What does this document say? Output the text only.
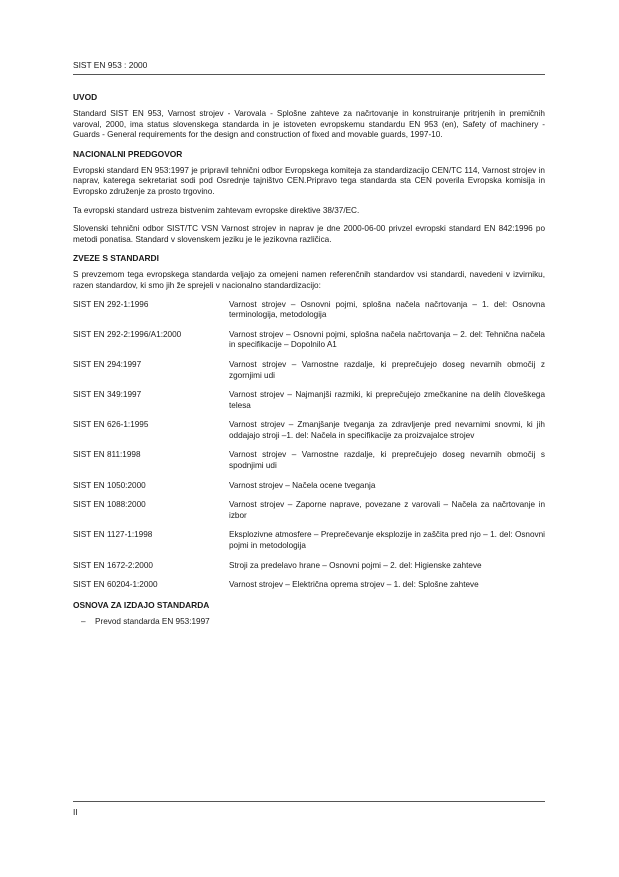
SIST EN 953 : 2000
UVOD

Standard SIST EN 953, Varnost strojev - Varovala - Splošne zahteve za načrtovanje in konstruiranje pritrjenih in premičnih varoval, 2000, ima status slovenskega standarda in je istoveten evropskemu standardu EN 953 (en), Safety of machinery - Guards - General requirements for the design and construction of fixed and movable guards, 1997-10.

NACIONALNI PREDGOVOR

Evropski standard EN 953:1997 je pripravil tehnični odbor Evropskega komiteja za standardizacijo CEN/TC 114, Varnost strojev in naprav, katerega sekretariat sodi pod Osrednje tajništvo CEN.Pripravo tega standarda sta CEN poverila Evropska komisija in Evropsko združenje za prosto trgovino.

Ta evropski standard ustreza bistvenim zahtevam evropske direktive 38/37/EC.

Slovenski tehnični odbor SIST/TC VSN Varnost strojev in naprav je dne 2000-06-00 privzel evropski standard EN 842:1996 po metodi ponatisa. Standard v slovenskem jeziku je le jezikovna različica.

ZVEZE S STANDARDI

S prevzemom tega evropskega standarda veljajo za omejeni namen referenčnih standardov vsi standardi, navedeni v izvirniku, razen standardov, ki smo jih že sprejeli v nacionalno standardizacijo:

SIST EN 292-1:1996	Varnost strojev – Osnovni pojmi, splošna načela načrtovanja – 1. del: Osnovna terminologija, metodologija
SIST EN 292-2:1996/A1:2000	Varnost strojev – Osnovni pojmi, splošna načela načrtovanja – 2. del: Tehnična načela in specifikacije – Dopolnilo A1
SIST EN 294:1997	Varnost strojev – Varnostne razdalje, ki preprečujejo doseg nevarnih območij z zgornjimi udi
SIST EN 349:1997	Varnost strojev – Najmanjši razmiki, ki preprečujejo zmečkanine na delih človeškega telesa
SIST EN 626-1:1995	Varnost strojev – Zmanjšanje tveganja za zdravljenje pred nevarnimi snovmi, ki jih oddajajo stroji –1. del: Načela in specifikacije za proizvajalce strojev
SIST EN 811:1998	Varnost strojev – Varnostne razdalje, ki preprečujejo doseg nevarnih območij s spodnjimi udi
SIST EN 1050:2000	Varnost strojev – Načela ocene tveganja
SIST EN 1088:2000	Varnost strojev – Zaporne naprave, povezane z varovali – Načela za načrtovanje in izbor
SIST EN 1127-1:1998	Eksplozivne atmosfere – Preprečevanje eksplozije in zaščita pred njo – 1. del: Osnovni pojmi in metodologija
SIST EN 1672-2:2000	Stroji za predelavo hrane – Osnovni pojmi – 2. del: Higienske zahteve
SIST EN 60204-1:2000	Varnost strojev – Električna oprema strojev – 1. del: Splošne zahteve
OSNOVA ZA IZDAJO STANDARDA
– Prevod standarda EN 953:1997
II
